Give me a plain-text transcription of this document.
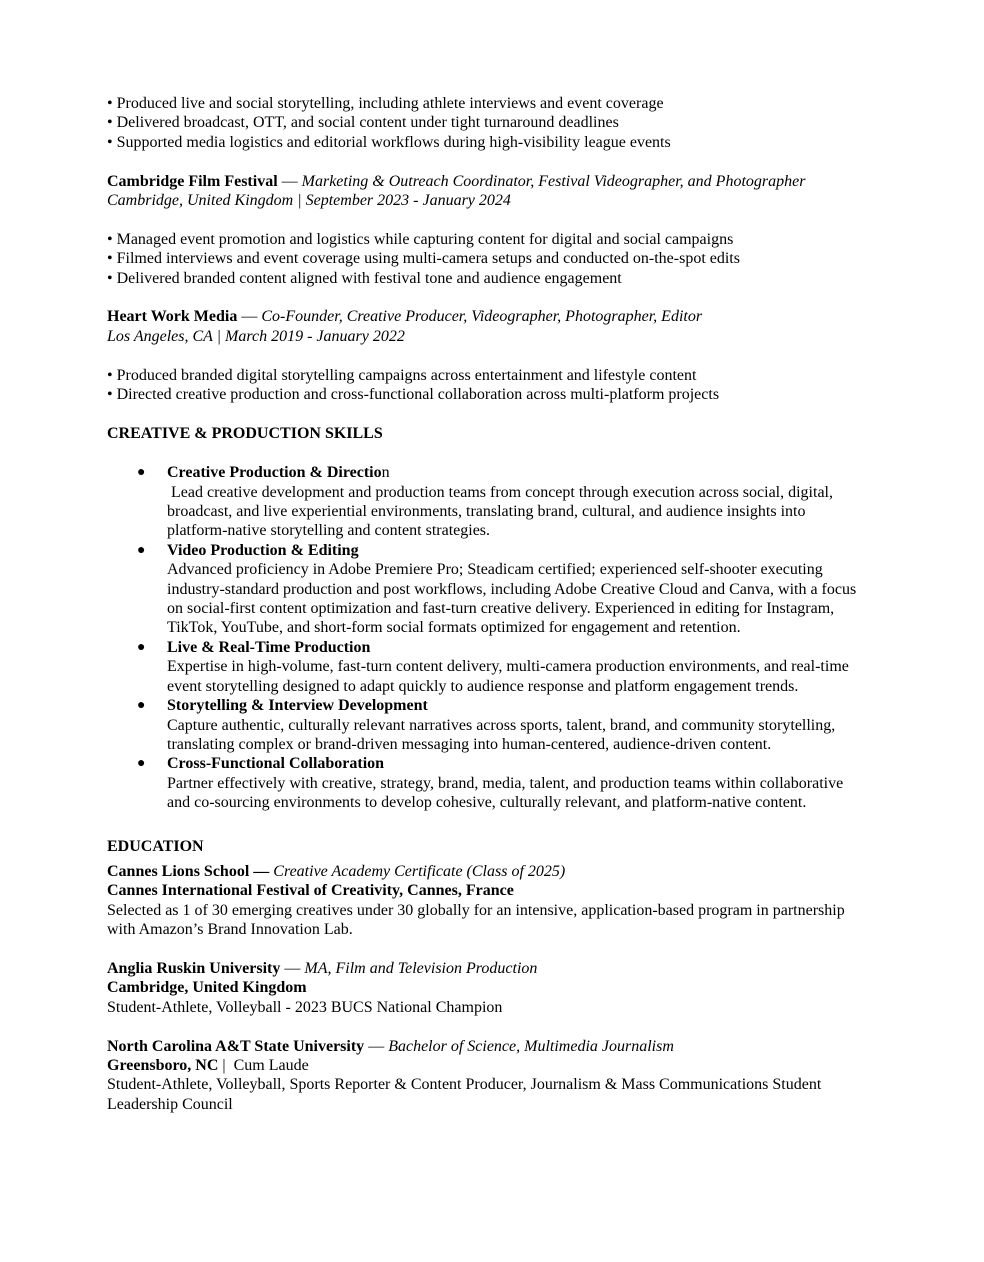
• Produced live and social storytelling, including athlete interviews and event coverage
• Delivered broadcast, OTT, and social content under tight turnaround deadlines
• Supported media logistics and editorial workflows during high-visibility league events
Cambridge Film Festival — Marketing & Outreach Coordinator, Festival Videographer, and Photographer
Cambridge, United Kingdom | September 2023 - January 2024
• Managed event promotion and logistics while capturing content for digital and social campaigns
• Filmed interviews and event coverage using multi-camera setups and conducted on-the-spot edits
• Delivered branded content aligned with festival tone and audience engagement
Heart Work Media — Co-Founder, Creative Producer, Videographer, Photographer, Editor
Los Angeles, CA | March 2019 - January 2022
• Produced branded digital storytelling campaigns across entertainment and lifestyle content
• Directed creative production and cross-functional collaboration across multi-platform projects
CREATIVE & PRODUCTION SKILLS
● Creative Production & Direction
Lead creative development and production teams from concept through execution across social, digital,
broadcast, and live experiential environments, translating brand, cultural, and audience insights into
platform-native storytelling and content strategies.
● Video Production & Editing
Advanced proficiency in Adobe Premiere Pro; Steadicam certified; experienced self-shooter executing
industry-standard production and post workflows, including Adobe Creative Cloud and Canva, with a focus
on social-first content optimization and fast-turn creative delivery. Experienced in editing for Instagram,
TikTok, YouTube, and short-form social formats optimized for engagement and retention.
● Live & Real-Time Production
Expertise in high-volume, fast-turn content delivery, multi-camera production environments, and real-time
event storytelling designed to adapt quickly to audience response and platform engagement trends.
● Storytelling & Interview Development
Capture authentic, culturally relevant narratives across sports, talent, brand, and community storytelling,
translating complex or brand-driven messaging into human-centered, audience-driven content.
● Cross-Functional Collaboration
Partner effectively with creative, strategy, brand, media, talent, and production teams within collaborative
and co-sourcing environments to develop cohesive, culturally relevant, and platform-native content.
EDUCATION
Cannes Lions School — Creative Academy Certificate (Class of 2025)
Cannes International Festival of Creativity, Cannes, France
Selected as 1 of 30 emerging creatives under 30 globally for an intensive, application-based program in partnership
with Amazon’s Brand Innovation Lab.
Anglia Ruskin University — MA, Film and Television Production
Cambridge, United Kingdom
Student-Athlete, Volleyball - 2023 BUCS National Champion
North Carolina A&T State University — Bachelor of Science, Multimedia Journalism
Greensboro, NC |  Cum Laude
Student-Athlete, Volleyball, Sports Reporter & Content Producer, Journalism & Mass Communications Student
Leadership Council
